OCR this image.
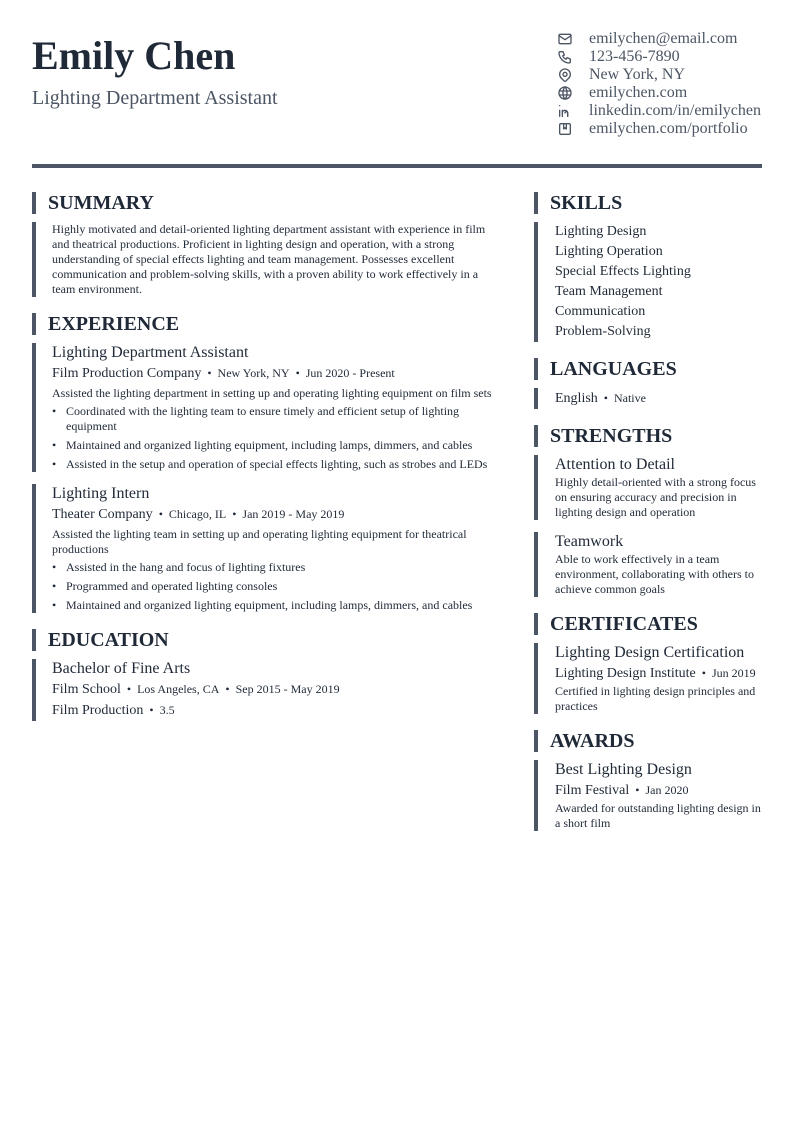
Emily Chen
Lighting Department Assistant
emilychen@email.com
123-456-7890
New York, NY
emilychen.com
linkedin.com/in/emilychen
emilychen.com/portfolio
SUMMARY

Highly motivated and detail-oriented lighting department assistant with experience in film and theatrical productions. Proficient in lighting design and operation, with a strong understanding of special effects lighting and team management. Possesses excellent communication and problem-solving skills, with a proven ability to work effectively in a team environment.

EXPERIENCE
Lighting Department Assistant
Film Production Company • New York, NY • Jun 2020 - Present

Assisted the lighting department in setting up and operating lighting equipment on film sets

• Coordinated with the lighting team to ensure timely and efficient setup of lighting equipment
• Maintained and organized lighting equipment, including lamps, dimmers, and cables
• Assisted in the setup and operation of special effects lighting, such as strobes and LEDs
Lighting Intern
Theater Company • Chicago, IL • Jan 2019 - May 2019

Assisted the lighting team in setting up and operating lighting equipment for theatrical productions

• Assisted in the hang and focus of lighting fixtures
• Programmed and operated lighting consoles
• Maintained and organized lighting equipment, including lamps, dimmers, and cables
EDUCATION
Bachelor of Fine Arts
Film School • Los Angeles, CA • Sep 2015 - May 2019
Film Production • 3.5
SKILLS
Lighting Design
Lighting Operation
Special Effects Lighting
Team Management
Communication
Problem-Solving
LANGUAGES
English • Native
STRENGTHS
Attention to Detail

Highly detail-oriented with a strong focus on ensuring accuracy and precision in lighting design and operation

Teamwork

Able to work effectively in a team environment, collaborating with others to achieve common goals

CERTIFICATES
Lighting Design Certification
Lighting Design Institute • Jun 2019

Certified in lighting design principles and practices

AWARDS
Best Lighting Design
Film Festival • Jan 2020

Awarded for outstanding lighting design in a short film
